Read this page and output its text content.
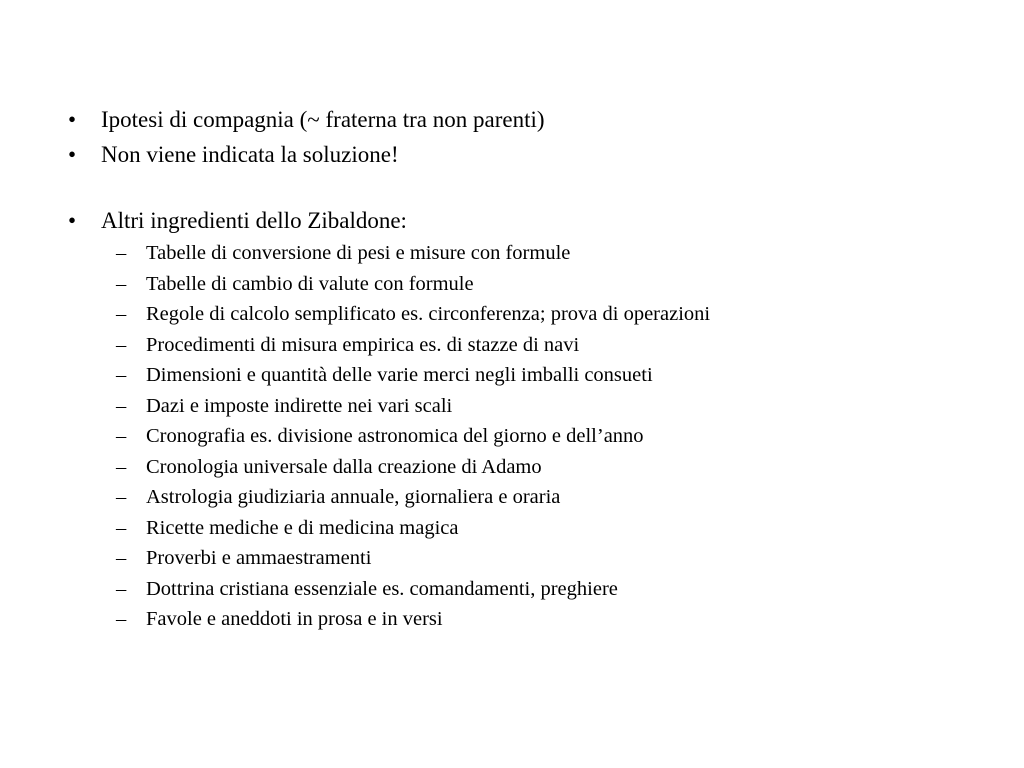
•	Ipotesi di compagnia (~ fraterna tra non parenti)
•	Non viene indicata la soluzione!
•	Altri ingredienti dello Zibaldone:
– Tabelle di conversione di pesi e misure con formule
– Tabelle di cambio di valute con formule
– Regole di calcolo semplificato es. circonferenza; prova di operazioni
– Procedimenti di misura empirica es. di stazze di navi
– Dimensioni e quantità delle varie merci negli imballi consueti
– Dazi e imposte indirette nei vari scali
– Cronografia es. divisione astronomica del giorno e dell’anno
– Cronologia universale dalla creazione di Adamo
– Astrologia giudiziaria annuale, giornaliera e oraria
– Ricette mediche e di medicina magica
– Proverbi e ammaestramenti
– Dottrina cristiana essenziale es. comandamenti, preghiere
– Favole e aneddoti in prosa e in versi
